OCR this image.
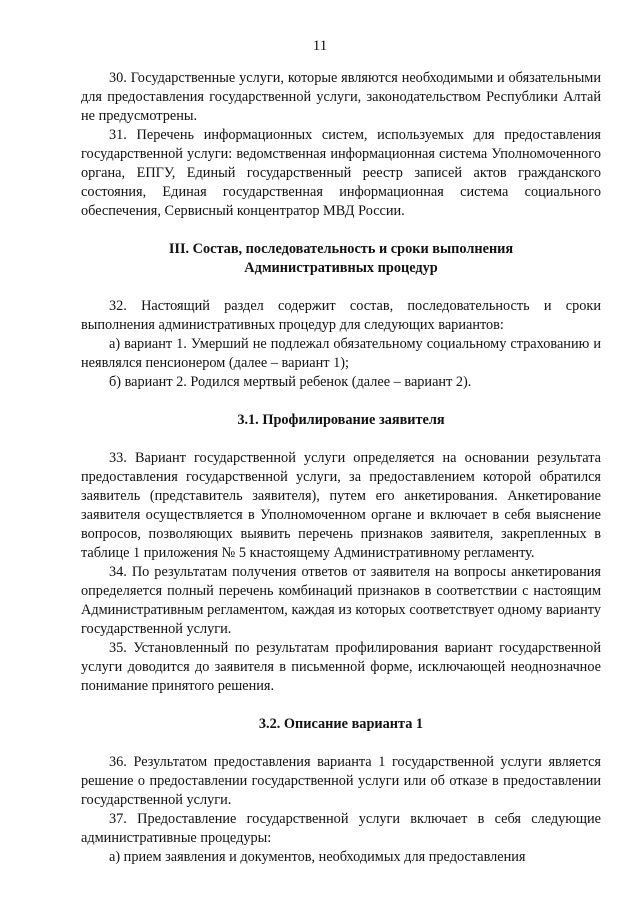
11

30. Государственные услуги, которые являются необходимыми и обязательными для предоставления государственной услуги, законодательством Республики Алтай не предусмотрены.

31. Перечень информационных систем, используемых для предоставления государственной услуги: ведомственная информационная система Уполномоченного органа, ЕПГУ, Единый государственный реестр записей актов гражданского состояния, Единая государственная информационная система социального обеспечения, Сервисный концентратор МВД России.

III. Состав, последовательность и сроки выполнения
Административных процедур

32. Настоящий раздел содержит состав, последовательность и сроки выполнения административных процедур для следующих вариантов:

а) вариант 1. Умерший не подлежал обязательному социальному страхованию и неявлялся пенсионером (далее – вариант 1);

б) вариант 2. Родился мертвый ребенок (далее – вариант 2).

3.1. Профилирование заявителя

33. Вариант государственной услуги определяется на основании результата предоставления государственной услуги, за предоставлением которой обратился заявитель (представитель заявителя), путем его анкетирования. Анкетирование заявителя осуществляется в Уполномоченном органе и включает в себя выяснение вопросов, позволяющих выявить перечень признаков заявителя, закрепленных в таблице 1 приложения № 5 кнастоящему Административному регламенту.

34. По результатам получения ответов от заявителя на вопросы анкетирования определяется полный перечень комбинаций признаков в соответствии с настоящим Административным регламентом, каждая из которых соответствует одному варианту государственной услуги.

35. Установленный по результатам профилирования вариант государственной услуги доводится до заявителя в письменной форме, исключающей неоднозначное понимание принятого решения.

3.2. Описание варианта 1

36. Результатом предоставления варианта 1 государственной услуги является решение о предоставлении государственной услуги или об отказе в предоставлении государственной услуги.

37. Предоставление государственной услуги включает в себя следующие административные процедуры:

а) прием заявления и документов, необходимых для предоставления
